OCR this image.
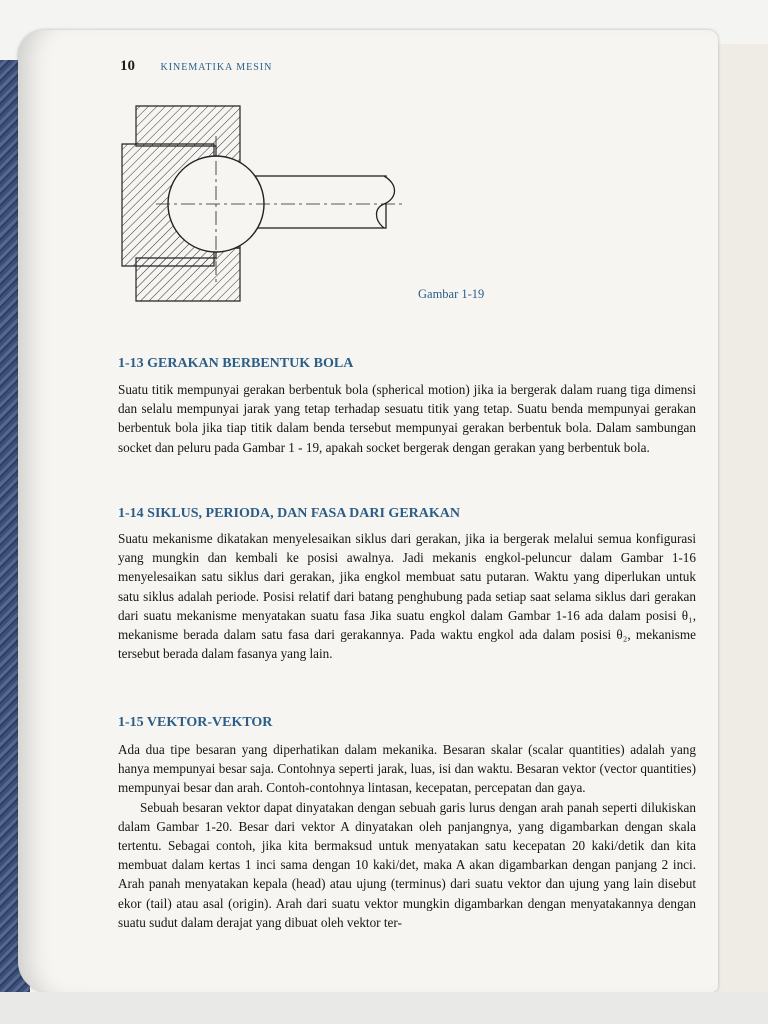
10	KINEMATIKA MESIN
Gambar 1-19
1-13 GERAKAN BERBENTUK BOLA

Suatu titik mempunyai gerakan berbentuk bola (spherical motion) jika ia bergerak dalam ruang tiga dimensi dan selalu mempunyai jarak yang tetap terhadap sesuatu titik yang tetap. Suatu benda mempunyai gerakan berbentuk bola jika tiap titik dalam benda tersebut mempunyai gerakan berbentuk bola. Dalam sambungan socket dan peluru pada Gambar 1 - 19, apakah socket bergerak dengan gerakan yang berbentuk bola.

1-14 SIKLUS, PERIODA, DAN FASA DARI GERAKAN

Suatu mekanisme dikatakan menyelesaikan siklus dari gerakan, jika ia bergerak melalui semua konfigurasi yang mungkin dan kembali ke posisi awalnya. Jadi mekanis engkol-peluncur dalam Gambar 1-16 menyelesaikan satu siklus dari gerakan, jika engkol membuat satu putaran. Waktu yang diperlukan untuk satu siklus adalah periode. Posisi relatif dari batang penghubung pada setiap saat selama siklus dari gerakan dari suatu mekanisme menyatakan suatu fasa Jika suatu engkol dalam Gambar 1-16 ada dalam posisi θ₁, mekanisme berada dalam satu fasa dari gerakannya. Pada waktu engkol ada dalam posisi θ₂, mekanisme tersebut berada dalam fasanya yang lain.

1-15 VEKTOR-VEKTOR

Ada dua tipe besaran yang diperhatikan dalam mekanika. Besaran skalar (scalar quantities) adalah yang hanya mempunyai besar saja. Contohnya seperti jarak, luas, isi dan waktu. Besaran vektor (vector quantities) mempunyai besar dan arah. Contoh-contohnya lintasan, kecepatan, percepatan dan gaya.

Sebuah besaran vektor dapat dinyatakan dengan sebuah garis lurus dengan arah panah seperti dilukiskan dalam Gambar 1-20. Besar dari vektor A dinyatakan oleh panjangnya, yang digambarkan dengan skala tertentu. Sebagai contoh, jika kita bermaksud untuk menyatakan satu kecepatan 20 kaki/detik dan kita membuat dalam kertas 1 inci sama dengan 10 kaki/det, maka A akan digambarkan dengan panjang 2 inci. Arah panah menyatakan kepala (head) atau ujung (terminus) dari suatu vektor dan ujung yang lain disebut ekor (tail) atau asal (origin). Arah dari suatu vektor mungkin digambarkan dengan menyatakannya dengan suatu sudut dalam derajat yang dibuat oleh vektor ter-
